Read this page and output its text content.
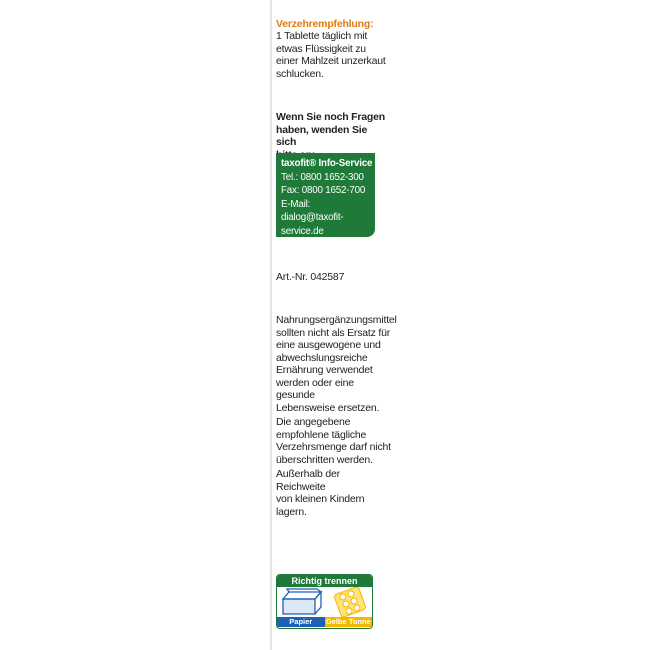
Verzehrempfehlung:
1 Tablette täglich mit
etwas Flüssigkeit zu
einer Mahlzeit unzerkaut
schlucken.
Wenn Sie noch Fragen
haben, wenden Sie sich
taxofit® Info-Service
Tel.: 0800 1652-300
Fax: 0800 1652-700
E-Mail:
dialog@taxofit-service.de
www.taxofit.de
Art.-Nr. 042587
Nahrungsergänzungsmittel
sollten nicht als Ersatz für
eine ausgewogene und
abwechslungsreiche
Ernährung verwendet
werden oder eine gesunde
Lebensweise ersetzen.
Die angegebene
empfohlene tägliche
Verzehrsmenge darf nicht
überschritten werden.
Außerhalb der Reichweite
von kleinen Kindern lagern.
Richtig trennen
Papier	Gelbe Tonne
